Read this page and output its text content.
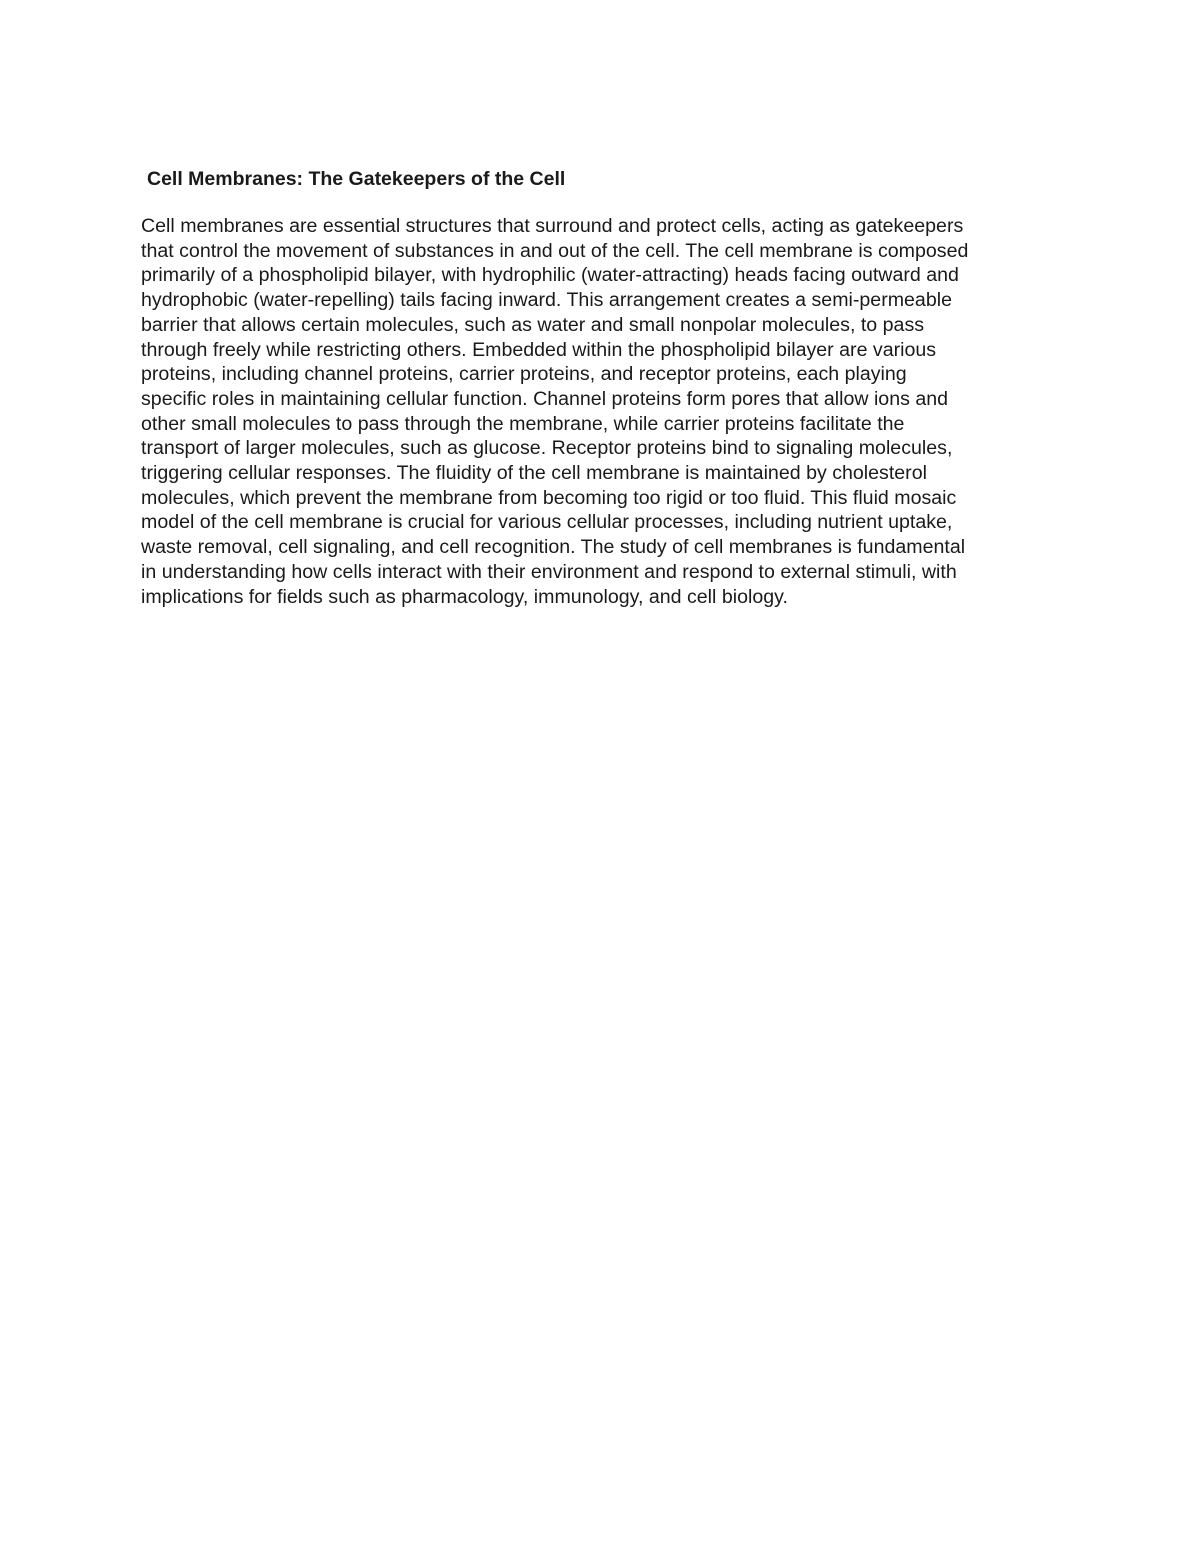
Cell Membranes: The Gatekeepers of the Cell
Cell membranes are essential structures that surround and protect cells, acting as gatekeepers
that control the movement of substances in and out of the cell. The cell membrane is composed
primarily of a phospholipid bilayer, with hydrophilic (water-attracting) heads facing outward and
hydrophobic (water-repelling) tails facing inward. This arrangement creates a semi-permeable
barrier that allows certain molecules, such as water and small nonpolar molecules, to pass
through freely while restricting others. Embedded within the phospholipid bilayer are various
proteins, including channel proteins, carrier proteins, and receptor proteins, each playing
specific roles in maintaining cellular function. Channel proteins form pores that allow ions and
other small molecules to pass through the membrane, while carrier proteins facilitate the
transport of larger molecules, such as glucose. Receptor proteins bind to signaling molecules,
triggering cellular responses. The fluidity of the cell membrane is maintained by cholesterol
molecules, which prevent the membrane from becoming too rigid or too fluid. This fluid mosaic
model of the cell membrane is crucial for various cellular processes, including nutrient uptake,
waste removal, cell signaling, and cell recognition. The study of cell membranes is fundamental
in understanding how cells interact with their environment and respond to external stimuli, with
implications for fields such as pharmacology, immunology, and cell biology.
